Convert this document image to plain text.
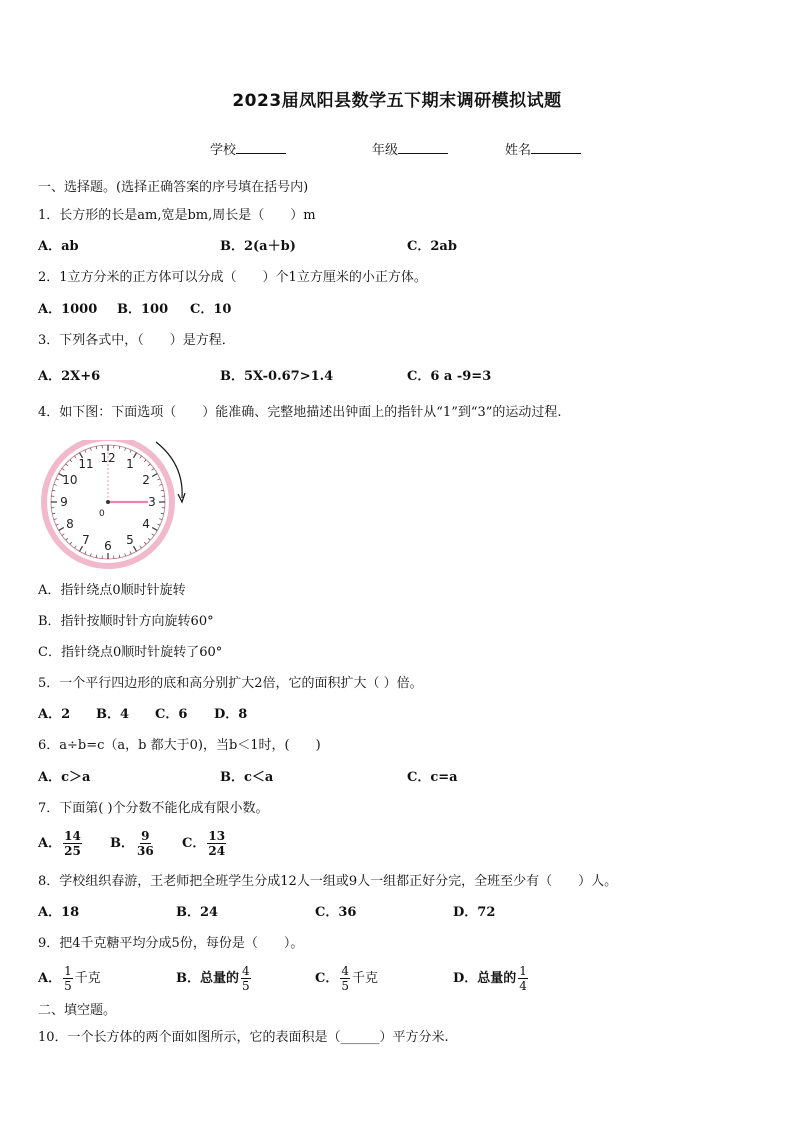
2023届凤阳县数学五下期末调研模拟试题
学校	年级	姓名
一、选择题。(选择正确答案的序号填在括号内)
1．长方形的长是am,宽是bm,周长是（　　）m
A．ab	B．2(a＋b)	C．2ab
2．1立方分米的正方体可以分成（　　）个1立方厘米的小正方体。
A．1000 B．100 C．10
3．下列各式中，（　　）是方程．
A．2X+6	B．5X-0.67>1.4	C．6 a -9=3
4．如下图：下面选项（　　）能准确、完整地描述出钟面上的指针从“1”到“3”的运动过程.
12 1
2
3
4
5
6
7
8
9
10
11
0
A．指针绕点0顺时针旋转
B．指针按顺时针方向旋转60°
C．指针绕点0顺时针旋转了60°
5．一个平行四边形的底和高分别扩大2倍，它的面积扩大（ ）倍。
A．2 B．4 C．6 D．8
6．a÷b=c（a，b 都大于0)，当b＜1时，(　　)
A．c＞a	B．c＜a	C．c=a
7．下面第( )个分数不能化成有限小数。
A． $\frac{14}{25}$ B． $\frac{9}{36}$ C． $\frac{13}{24}$
8．学校组织春游，王老师把全班学生分成12人一组或9人一组都正好分完，全班至少有（　　）人。
A．18	B．24	C．36	D．72
9．把4千克糖平均分成5份，每份是（　　）。
A． $\frac{1}{5}$ 千克	B．总量的 $\frac{4}{5}$	C． $\frac{4}{5}$ 千克	D．总量的 $\frac{1}{4}$
二、填空题。
10．一个长方体的两个面如图所示，它的表面积是（______）平方分米.
